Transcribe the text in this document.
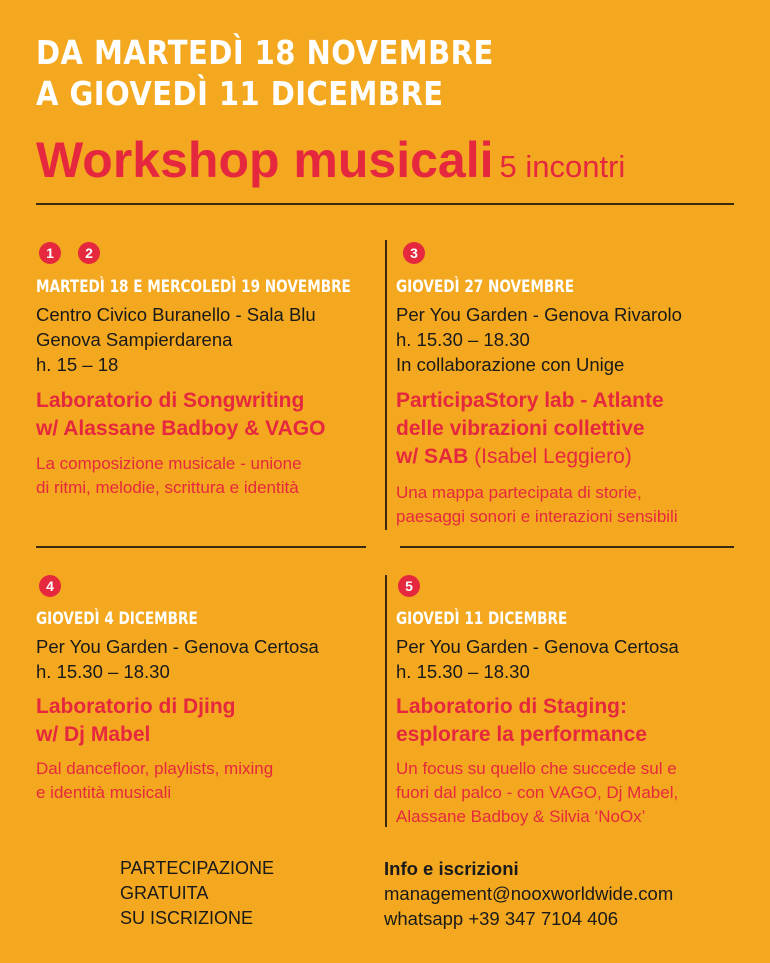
DA MARTEDÌ 18 NOVEMBRE
A GIOVEDÌ 11 DICEMBRE
Workshop musicali 5 incontri
1	2
MARTEDÌ 18 E MERCOLEDÌ 19 NOVEMBRE
Centro Civico Buranello - Sala Blu
Genova Sampierdarena
h. 15 – 18
Laboratorio di Songwriting
w/ Alassane Badboy & VAGO
La composizione musicale - unione
di ritmi, melodie, scrittura e identità
3
GIOVEDÌ 27 NOVEMBRE
Per You Garden - Genova Rivarolo
h. 15.30 – 18.30
In collaborazione con Unige
ParticipaStory lab - Atlante
delle vibrazioni collettive
w/ SAB (Isabel Leggiero)
Una mappa partecipata di storie,
paesaggi sonori e interazioni sensibili
4
GIOVEDÌ 4 DICEMBRE
Per You Garden - Genova Certosa
h. 15.30 – 18.30
Laboratorio di Djing
w/ Dj Mabel
Dal dancefloor, playlists, mixing
e identità musicali
5
GIOVEDÌ 11 DICEMBRE
Per You Garden - Genova Certosa
h. 15.30 – 18.30
Laboratorio di Staging:
esplorare la performance
Un focus su quello che succede sul e
fuori dal palco - con VAGO, Dj Mabel,
Alassane Badboy & Silvia ‘NoOx’
PARTECIPAZIONE
GRATUITA
SU ISCRIZIONE
Info e iscrizioni
management@nooxworldwide.com
whatsapp +39 347 7104 406
